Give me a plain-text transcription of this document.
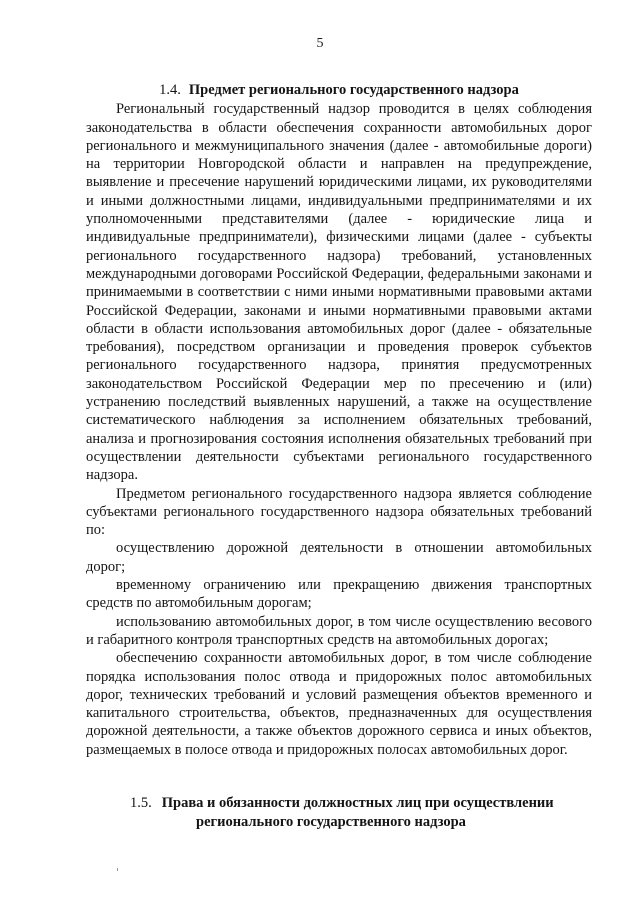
5
1.4. Предмет регионального государственного надзора

Региональный государственный надзор проводится в целях соблюдения законодательства в области обеспечения сохранности автомобильных дорог регионального и межмуниципального значения (далее - автомобильные дороги) на территории Новгородской области и направлен на предупреждение, выявление и пресечение нарушений юридическими лицами, их руководителями и иными должностными лицами, индивидуальными предпринимателями и их уполномоченными представителями (далее - юридические лица и индивидуальные предприниматели), физическими лицами (далее - субъекты регионального государственного надзора) требований, установленных международными договорами Российской Федерации, федеральными законами и принимаемыми в соответствии с ними иными нормативными правовыми актами Российской Федерации, законами и иными нормативными правовыми актами области в области использования автомобильных дорог (далее - обязательные требования), посредством организации и проведения проверок субъектов регионального государственного надзора, принятия предусмотренных законодательством Российской Федерации мер по пресечению и (или) устранению последствий выявленных нарушений, а также на осуществление систематического наблюдения за исполнением обязательных требований, анализа и прогнозирования состояния исполнения обязательных требований при осуществлении деятельности субъектами регионального государственного надзора.

Предметом регионального государственного надзора является соблюдение субъектами регионального государственного надзора обязательных требований по:

осуществлению дорожной деятельности в отношении автомобильных дорог;

временному ограничению или прекращению движения транспортных средств по автомобильным дорогам;

использованию автомобильных дорог, в том числе осуществлению весового и габаритного контроля транспортных средств на автомобильных дорогах;

обеспечению сохранности автомобильных дорог, в том числе соблюдение порядка использования полос отвода и придорожных полос автомобильных дорог, технических требований и условий размещения объектов временного и капитального строительства, объектов, предназначенных для осуществления дорожной деятельности, а также объектов дорожного сервиса и иных объектов, размещаемых в полосе отвода и придорожных полосах автомобильных дорог.

1.5. Права и обязанности должностных лиц при осуществлении
регионального государственного надзора
